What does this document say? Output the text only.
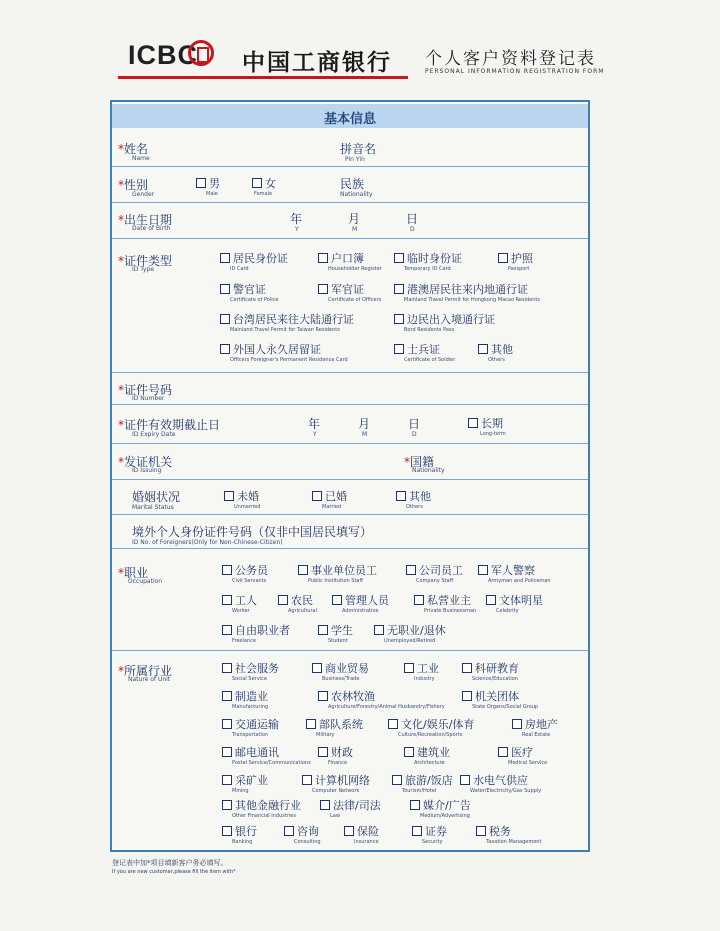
ICBC 中国工商银行 个人客户资料登记表
PERSONAL INFORMATION REGISTRATION FORM
基本信息
*姓名
Name
拼音名
Pin Yin
*性别
Gender
男
Male
女
Female
民族
Nationality
*出生日期
Date of Birth
年
Y
月
M
日
D
*证件类型
ID Type
居民身份证
ID Card
户口簿
Householder Register
临时身份证
Temporary ID Card
护照
Passport
警官证
Certificate of Police
军官证
Certificate of Officers
港澳居民往来内地通行证
Mainland Travel Permit for Hongkong Macao Residents
台湾居民来往大陆通行证
Mainland Travel Permit for Taiwan Residents
边民出入境通行证
Bord Residents Pass
外国人永久居留证
Officers Foreigner's Permanent Residence Card
士兵证
Certificate of Soldier
其他
Others
*证件号码
ID Number
*证件有效期截止日
ID Expiry Date
年
Y
月
M
日
D
长期
Long-term
*发证机关
ID Issuing
*国籍
Nationality
婚姻状况
Marital Status
未婚
Unmarried
已婚
Married
其他
Others
境外个人身份证件号码（仅非中国居民填写）
ID No. of Foreigners(Only for Non-Chinese-Citizen)
*职业
Occupation
公务员
Civil Servants
事业单位员工
Public Institution Staff
公司员工
Company Staff
军人警察
Armyman and Policeman
工人
Worker
农民
Agricultural
管理人员
Administrative
私营业主
Private Businessman
文体明星
Celebrity
自由职业者
Freelance
学生
Student
无职业/退休
Unemployed/Retired
*所属行业
Nature of Unit
社会服务
Social Service
商业贸易
Business/Trade
工业
Industry
科研教育
Science/Education
制造业
Manufacturing
农林牧渔
Agriculture/Forestry/Animal Husbandry/Fishery
机关团体
State Organs/Social Group
交通运输
Transportation
部队系统
Military
文化/娱乐/体育
Culture/Recreation/Sports
房地产
Real Estate
邮电通讯
Postal Service/Communications
财政
Finance
建筑业
Architecture
医疗
Medical Service
采矿业
Mining
计算机网络
Computer Network
旅游/饭店
Tourism/Hotel
水电气供应
Water/Electricity/Gas Supply
其他金融行业
Other Financial Industries
法律/司法
Law
媒介/广告
Medium/Advertising
银行
Banking
咨询
Consulting
保险
Insurance
证券
Security
税务
Taxation Management
登记表中加*项目填新客户务必填写。
If you are new customer,please fill the item with*
